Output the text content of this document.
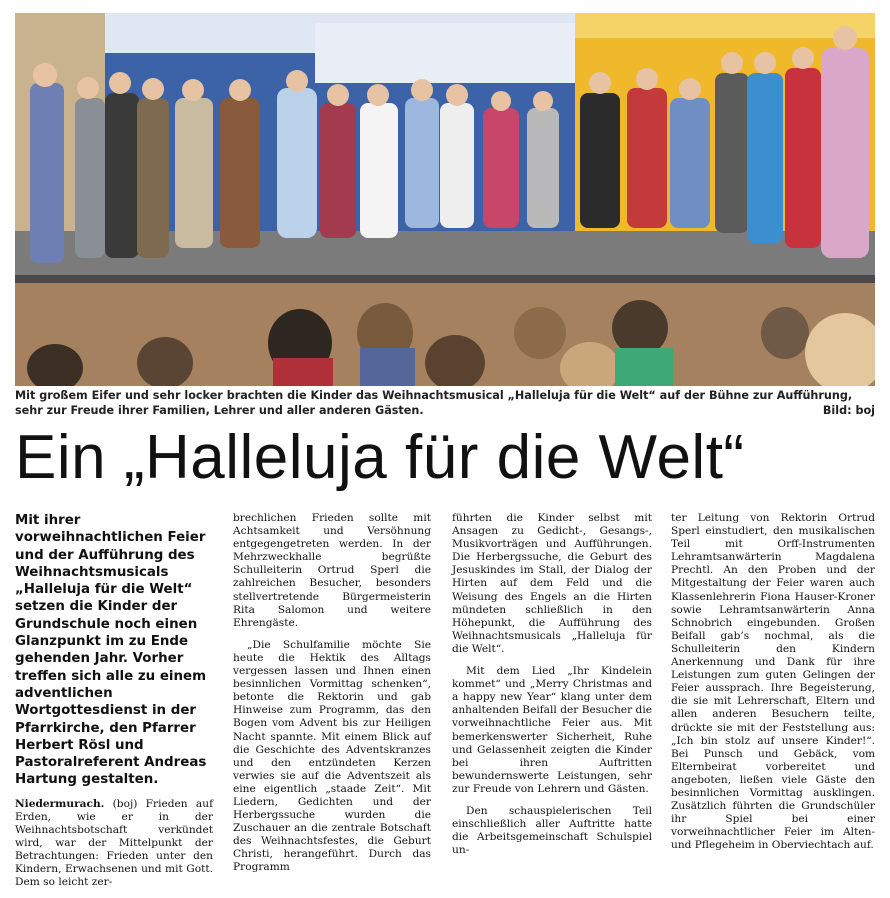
Mit großem Eifer und sehr locker brachten die Kinder das Weihnachtsmusical „Halleluja für die Welt“ auf der Bühne zur Aufführung, sehr zur Freude ihrer Familien, Lehrer und aller anderen Gästen.	Bild: boj
Ein „Halleluja für die Welt“

Mit ihrer vorweihnachtlichen Feier und der Aufführung des Weihnachtsmusicals „Halleluja für die Welt“ setzen die Kinder der Grundschule noch einen Glanzpunkt im zu Ende gehenden Jahr. Vorher treffen sich alle zu einem adventlichen Wortgottesdienst in der Pfarrkirche, den Pfarrer Herbert Rösl und Pastoralreferent Andreas Hartung gestalten.

Niedermurach. (boj) Frieden auf Erden, wie er in der Weihnachtsbotschaft verkündet wird, war der Mittelpunkt der Betrachtungen: Frieden unter den Kindern, Erwachsenen und mit Gott. Dem so leicht zer-

brechlichen Frieden sollte mit Achtsamkeit und Versöhnung entgegengetreten werden. In der Mehrzweckhalle begrüßte Schulleiterin Ortrud Sperl die zahlreichen Besucher, besonders stellvertretende Bürgermeisterin Rita Salomon und weitere Ehrengäste.

„Die Schulfamilie möchte Sie heute die Hektik des Alltags vergessen lassen und Ihnen einen besinnlichen Vormittag schenken“, betonte die Rektorin und gab Hinweise zum Programm, das den Bogen vom Advent bis zur Heiligen Nacht spannte. Mit einem Blick auf die Geschichte des Adventskranzes und den entzündeten Kerzen verwies sie auf die Adventszeit als eine eigentlich „staade Zeit“. Mit Liedern, Gedichten und der Herbergssuche wurden die Zuschauer an die zentrale Botschaft des Weihnachtsfestes, die Geburt Christi, herangeführt. Durch das Programm

führten die Kinder selbst mit Ansagen zu Gedicht-, Gesangs-, Musikvorträgen und Aufführungen. Die Herbergssuche, die Geburt des Jesuskindes im Stall, der Dialog der Hirten auf dem Feld und die Weisung des Engels an die Hirten mündeten schließlich in den Höhepunkt, die Aufführung des Weihnachtsmusicals „Halleluja für die Welt“.

Mit dem Lied „Ihr Kindelein kommet“ und „Merry Christmas and a happy new Year“ klang unter dem anhaltenden Beifall der Besucher die vorweihnachtliche Feier aus. Mit bemerkenswerter Sicherheit, Ruhe und Gelassenheit zeigten die Kinder bei ihren Auftritten bewundernswerte Leistungen, sehr zur Freude von Lehrern und Gästen.

Den schauspielerischen Teil einschließlich aller Auftritte hatte die Arbeitsgemeinschaft Schulspiel un-

ter Leitung von Rektorin Ortrud Sperl einstudiert, den musikalischen Teil mit Orff-Instrumenten Lehramtsanwärterin Magdalena Prechtl. An den Proben und der Mitgestaltung der Feier waren auch Klassenlehrerin Fiona Hauser-Kroner sowie Lehramtsanwärterin Anna Schnobrich eingebunden. Großen Beifall gab’s nochmal, als die Schulleiterin den Kindern Anerkennung und Dank für ihre Leistungen zum guten Gelingen der Feier aussprach. Ihre Begeisterung, die sie mit Lehrerschaft, Eltern und allen anderen Besuchern teilte, drückte sie mit der Feststellung aus: „Ich bin stolz auf unsere Kinder!“. Bei Punsch und Gebäck, vom Elternbeirat vorbereitet und angeboten, ließen viele Gäste den besinnlichen Vormittag ausklingen. Zusätzlich führten die Grundschüler ihr Spiel bei einer vorweihnachtlicher Feier im Alten- und Pflegeheim in Oberviechtach auf.
